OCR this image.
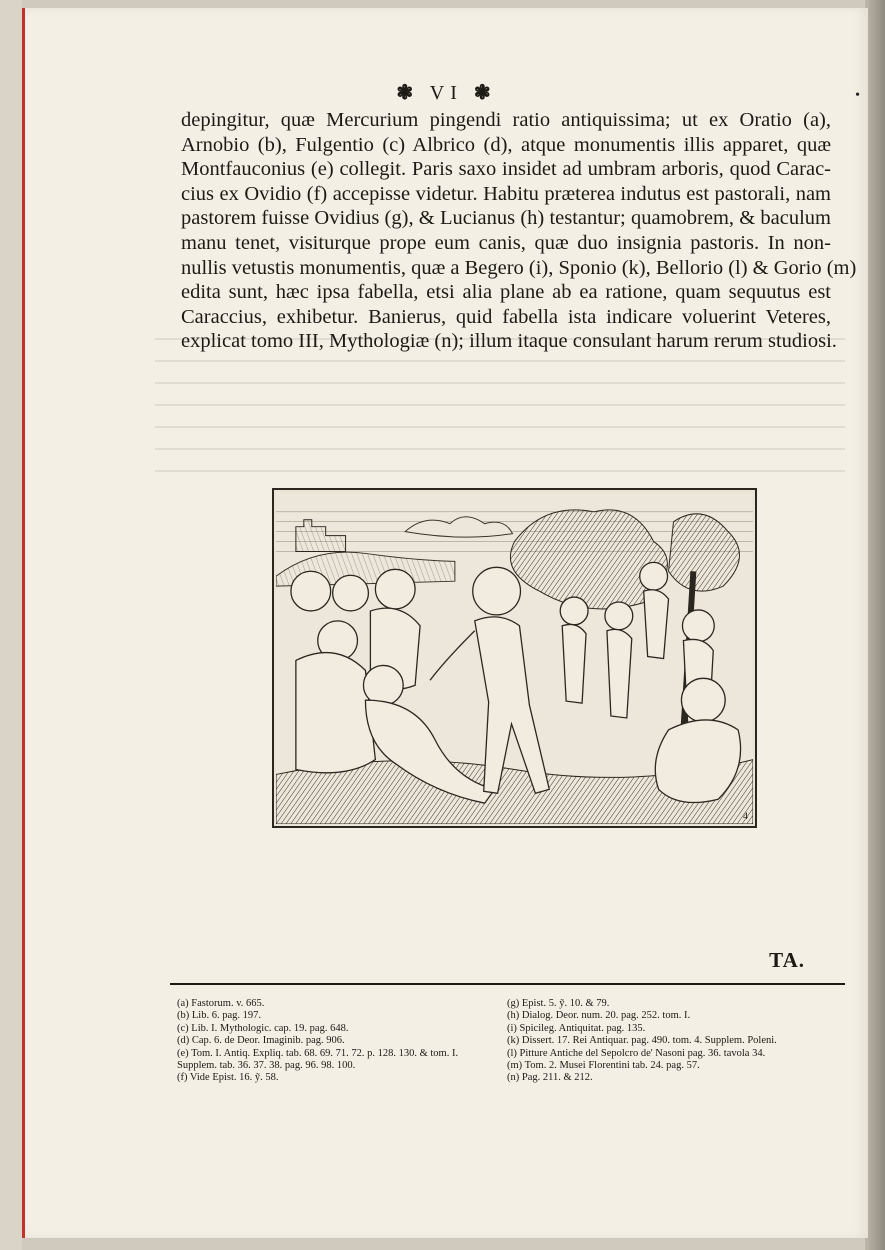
•
❃ VI ❃
depingitur, quæ Mercurium pingendi ratio antiquissima; ut ex Oratio (a),
Arnobio (b), Fulgentio (c) Albrico (d), atque monumentis illis apparet, quæ
Montfauconius (e) collegit. Paris saxo insidet ad umbram arboris, quod Carac-
cius ex Ovidio (f) accepisse videtur. Habitu præterea indutus est pastorali, nam
pastorem fuisse Ovidius (g), & Lucianus (h) testantur; quamobrem, & baculum
manu tenet, visiturque prope eum canis, quæ duo insignia pastoris. In non-
nullis vetustis monumentis, quæ a Begero (i), Sponio (k), Bellorio (l) & Gorio (m)
edita sunt, hæc ipsa fabella, etsi alia plane ab ea ratione, quam sequutus est
Caraccius, exhibetur. Banierus, quid fabella ista indicare voluerint Veteres,
explicat tomo III, Mythologiæ (n); illum itaque consulant harum rerum studiosi.
4
TA.
(a) Fastorum. v. 665.
(b) Lib. 6. pag. 197.
(c) Lib. I. Mythologic. cap. 19. pag. 648.
(d) Cap. 6. de Deor. Imaginib. pag. 906.
(e) Tom. I. Antiq. Expliq. tab. 68. 69. 71. 72. p. 128. 130. & tom. I.
Supplem. tab. 36. 37. 38. pag. 96. 98. 100.
(f) Vide Epist. 16. ỹ. 58.
(g) Epist. 5. ỹ. 10. & 79.
(h) Dialog. Deor. num. 20. pag. 252. tom. I.
(i) Spicileg. Antiquitat. pag. 135.
(k) Dissert. 17. Rei Antiquar. pag. 490. tom. 4. Supplem. Poleni.
(l) Pitture Antiche del Sepolcro de' Nasoni pag. 36. tavola 34.
(m) Tom. 2. Musei Florentini tab. 24. pag. 57.
(n) Pag. 211. & 212.
